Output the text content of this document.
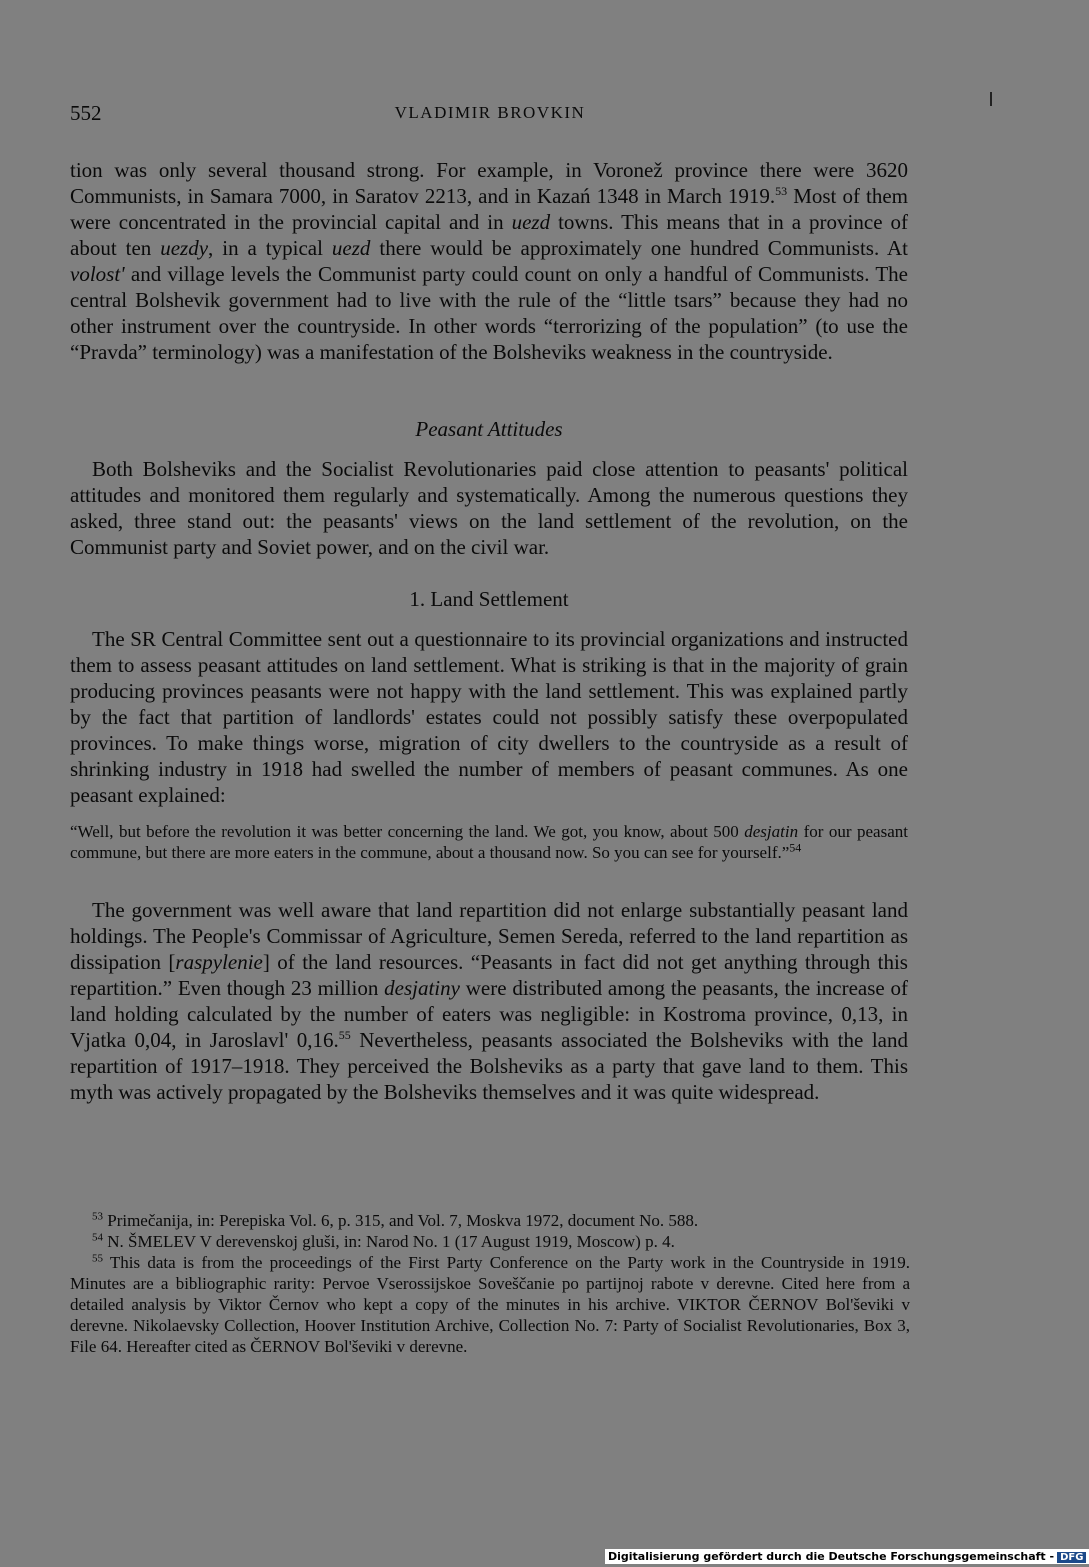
552	VLADIMIR BROVKIN

tion was only several thousand strong. For example, in Voronež province there were 3620 Communists, in Samara 7000, in Saratov 2213, and in Kazań 1348 in March 1919.53 Most of them were concentrated in the provincial capital and in uezd towns. This means that in a province of about ten uezdy, in a typical uezd there would be approximately one hundred Communists. At volost' and village levels the Communist party could count on only a handful of Communists. The central Bolshevik government had to live with the rule of the “little tsars” because they had no other instrument over the countryside. In other words “terrorizing of the population” (to use the “Pravda” terminology) was a manifestation of the Bolsheviks weakness in the countryside.

Peasant Attitudes

Both Bolsheviks and the Socialist Revolutionaries paid close attention to peasants' political attitudes and monitored them regularly and systematically. Among the numerous questions they asked, three stand out: the peasants' views on the land settlement of the revolution, on the Communist party and Soviet power, and on the civil war.

1. Land Settlement

The SR Central Committee sent out a questionnaire to its provincial organizations and instructed them to assess peasant attitudes on land settlement. What is striking is that in the majority of grain producing provinces peasants were not happy with the land settlement. This was explained partly by the fact that partition of landlords' estates could not possibly satisfy these overpopulated provinces. To make things worse, migration of city dwellers to the countryside as a result of shrinking industry in 1918 had swelled the number of members of peasant communes. As one peasant explained:

“Well, but before the revolution it was better concerning the land. We got, you know, about 500 desjatin for our peasant commune, but there are more eaters in the commune, about a thousand now. So you can see for yourself.”$^{54}$

The government was well aware that land repartition did not enlarge substantially peasant land holdings. The People's Commissar of Agriculture, Semen Sereda, referred to the land repartition as dissipation [raspylenie] of the land resources. “Peasants in fact did not get anything through this repartition.” Even though 23 million desjatiny were distributed among the peasants, the increase of land holding calculated by the number of eaters was negligible: in Kostroma province, 0,13, in Vjatka 0,04, in Jaroslavl' 0,16.55 Nevertheless, peasants associated the Bolsheviks with the land repartition of 1917–1918. They perceived the Bolsheviks as a party that gave land to them. This myth was actively propagated by the Bolsheviks themselves and it was quite widespread.

$^{53}$ Primečanija, in: Perepiska Vol. 6, p. 315, and Vol. 7, Moskva 1972, document No. 588.

$^{54}$ N. ŠMELEV V derevenskoj gluši, in: Narod No. 1 (17 August 1919, Moscow) p. 4.

$^{55}$ This data is from the proceedings of the First Party Conference on the Party work in the Countryside in 1919. Minutes are a bibliographic rarity: Pervoe Vserossijskoe Soveščanie po partijnoj rabote v derevne. Cited here from a detailed analysis by Viktor Černov who kept a copy of the minutes in his archive. VIKTOR ČERNOV Bol'ševiki v derevne. Nikolaevsky Collection, Hoover Institution Archive, Collection No. 7: Party of Socialist Revolutionaries, Box 3, File 64. Hereafter cited as ČERNOV Bol'ševiki v derevne.

Digitalisierung gefördert durch die Deutsche Forschungsgemeinschaft - DFG
